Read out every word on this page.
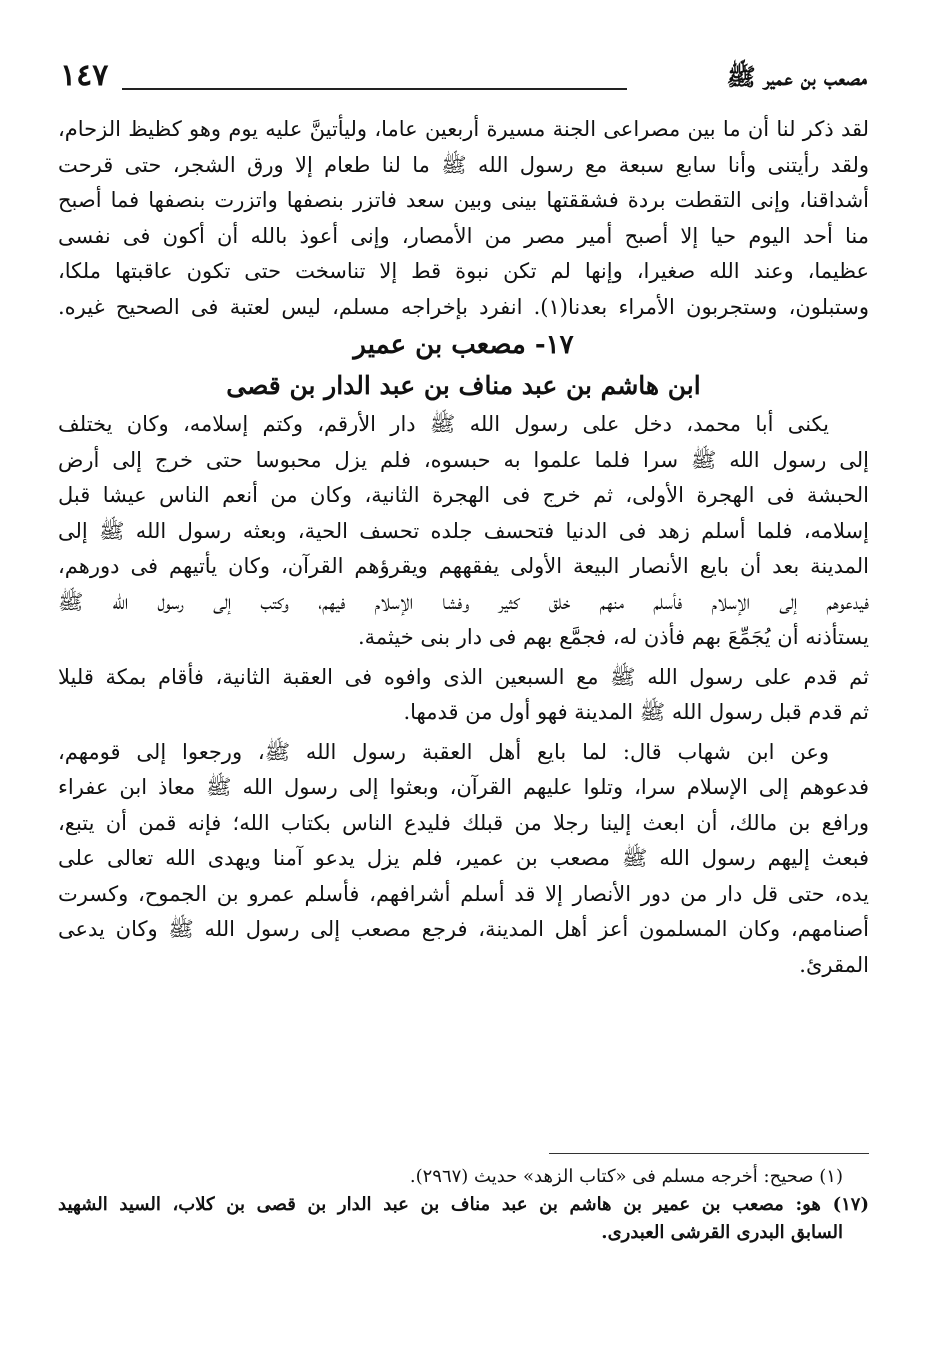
مصعب بن عمير ﷺ
١٤٧
لقد ذكر لنا أن ما بين مصراعى الجنة مسيرة أربعين عاما، وليأتينَّ عليه يوم وهو كظيظ الزحام،
ولقد رأيتنى وأنا سابع سبعة مع رسول الله ﷺ ما لنا طعام إلا ورق الشجر، حتى قرحت
أشداقنا، وإنى التقطت بردة فشققتها بينى وبين سعد فاتزر بنصفها واتزرت بنصفها فما أصبح
منا أحد اليوم حيا إلا أصبح أمير مصر من الأمصار، وإنى أعوذ بالله أن أكون فى نفسى
عظيما، وعند الله صغيرا، وإنها لم تكن نبوة قط إلا تناسخت حتى تكون عاقبتها ملكا،
وستبلون، وستجربون الأمراء بعدنا(١). انفرد بإخراجه مسلم، ليس لعتبة فى الصحيح غيره.
١٧- مصعب بن عمير
ابن هاشم بن عبد مناف بن عبد الدار بن قصى
يكنى أبا محمد، دخل على رسول الله ﷺ دار الأرقم، وكتم إسلامه، وكان يختلف
إلى رسول الله ﷺ سرا فلما علموا به حبسوه، فلم يزل محبوسا حتى خرج إلى أرض
الحبشة فى الهجرة الأولى، ثم خرج فى الهجرة الثانية، وكان من أنعم الناس عيشا قبل
إسلامه، فلما أسلم زهد فى الدنيا فتحسف جلده تحسف الحية، وبعثه رسول الله ﷺ إلى
المدينة بعد أن بايع الأنصار البيعة الأولى يفقههم ويقرؤهم القرآن، وكان يأتيهم فى دورهم،
فيدعوهم إلى الإسلام فأسلم منهم خلق كثير وفشا الإسلام فيهم، وكتب إلى رسول الله ﷺ
يستأذنه أن يُجَمِّعَ بهم فأذن له، فجمَّع بهم فى دار بنى خيثمة.
ثم قدم على رسول الله ﷺ مع السبعين الذى وافوه فى العقبة الثانية، فأقام بمكة قليلا
ثم قدم قبل رسول الله ﷺ المدينة فهو أول من قدمها.
وعن ابن شهاب قال: لما بايع أهل العقبة رسول الله ﷺ، ورجعوا إلى قومهم،
فدعوهم إلى الإسلام سرا، وتلوا عليهم القرآن، وبعثوا إلى رسول الله ﷺ معاذ ابن عفراء
ورافع بن مالك، أن ابعث إلينا رجلا من قبلك فليدع الناس بكتاب الله؛ فإنه قمن أن يتبع،
فبعث إليهم رسول الله ﷺ مصعب بن عمير، فلم يزل يدعو آمنا ويهدى الله تعالى على
يده، حتى قل دار من دور الأنصار إلا قد أسلم أشرافهم، فأسلم عمرو بن الجموح، وكسرت
أصنامهم، وكان المسلمون أعز أهل المدينة، فرجع مصعب إلى رسول الله ﷺ وكان يدعى
المقرئ.
(١) صحيح: أخرجه مسلم فى «كتاب الزهد» حديث (٢٩٦٧).
(١٧) هو: مصعب بن عمير بن هاشم بن عبد مناف بن عبد الدار بن قصى بن كلاب، السيد الشهيد
السابق البدرى القرشى العبدرى.
